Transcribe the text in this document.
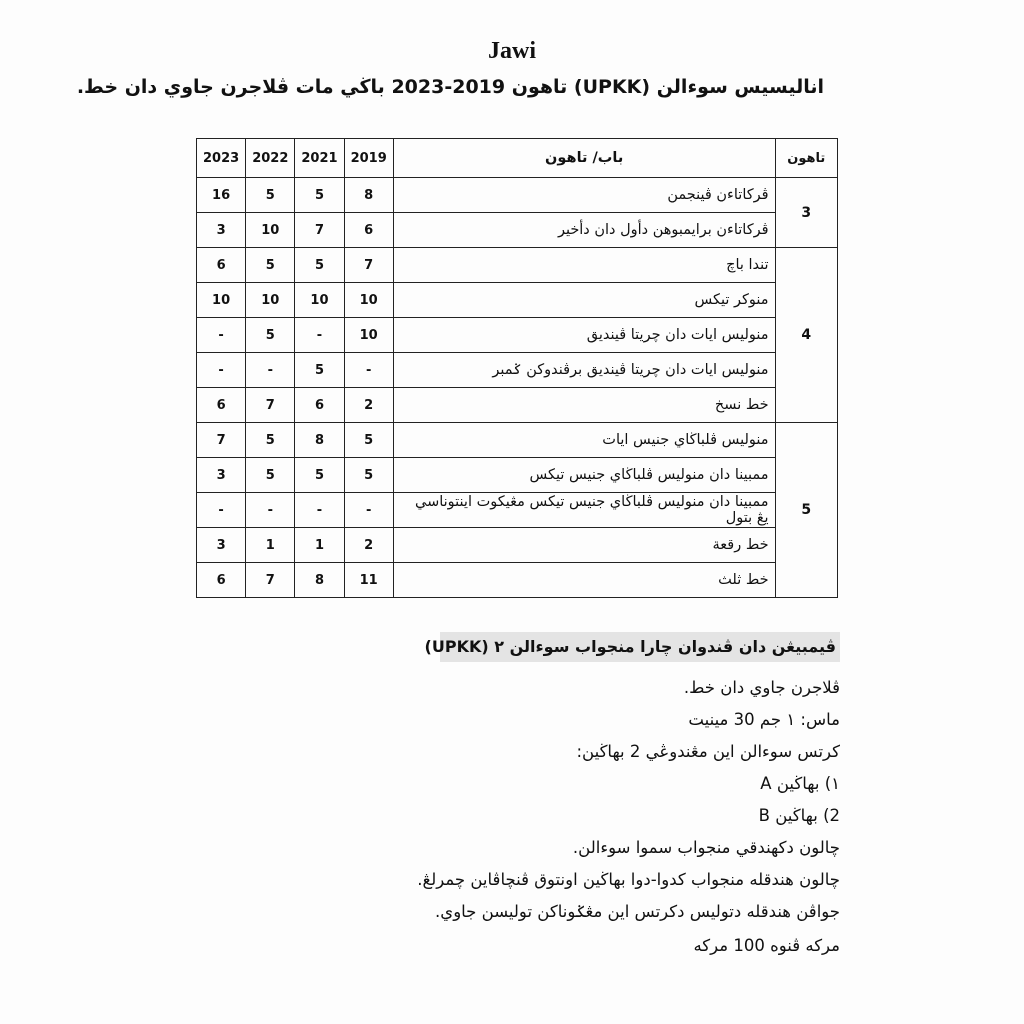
Jawi
اناليسيس سوءالن (UPKK) تاهون 2019-2023 باڬي مات ڤلاجرن جاوي دان خط.
2023	2022	2021	2019	باب/ تاهون	تاهون
16	5	5	8	ڤركاتاءن ڤينجمن	3
3	10	7	6	ڤركاتاءن برايمبوهن دأول دان دأخير	
6	5	5	7	تندا باچ	4
10	10	10	10	منوکر تيکس	
-	5	-	10	منوليس ايات دان چريتا ڤينديق	
-	-	5	-	منوليس ايات دان چريتا ڤينديق برڤندوکن ݢمبر	
6	7	6	2	خط نسخ	
7	5	8	5	منوليس ڤلباڬاي جنيس ايات	5
3	5	5	5	ممبينا دان منوليس ڤلباڬاي جنيس تيکس	
-	-	-	-	ممبينا دان منوليس ڤلباڬاي جنيس تيکس مڠيکوت اينتوناسي يڠ بتول	
3	1	1	2	خط رقعة	
6	7	8	11	خط ثلث	
ڤيمبيڠن دان ڤندوان چارا منجواب سوءالن ٢ (UPKK)
ڤلاجرن جاوي دان خط.
ماس: ١ جم 30 مينيت
کرتس سوءالن اين مڠندوڠي 2 بهاڬين:
١) بهاڬين A
2) بهاڬين B
چالون دکهندقي منجواب سموا سوءالن.
چالون هندقله منجواب کدوا-دوا بهاڬين اونتوق ڤنچاڤاين چمرلڠ.
جواڤن هندقله دتوليس دکرتس اين مڠݢوناکن توليسن جاوي.
مرکه ڤنوه 100 مرکه
